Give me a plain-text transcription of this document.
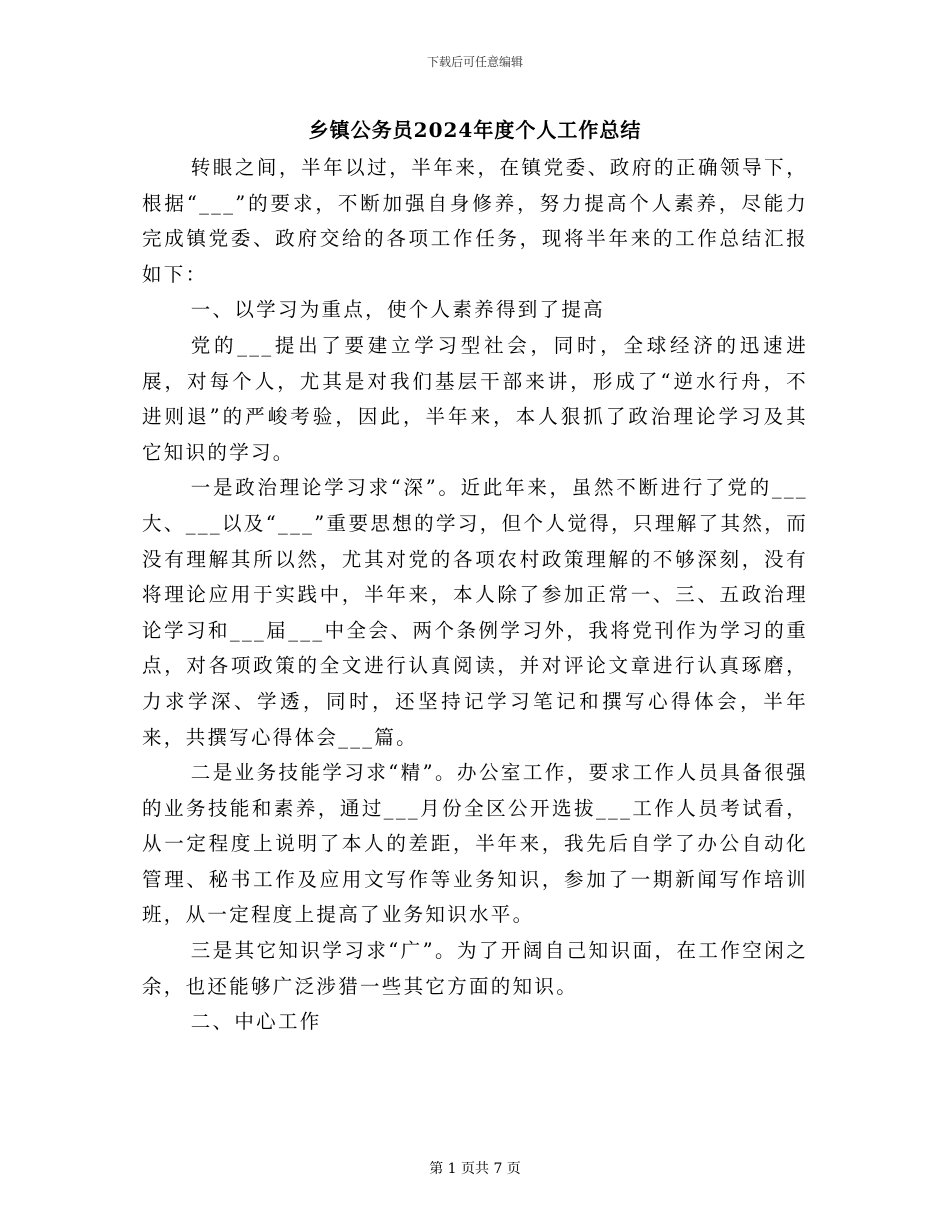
下载后可任意编辑
乡镇公务员2024年度个人工作总结

转眼之间，半年以过，半年来，在镇党委、政府的正确领导下，根据“___”的要求，不断加强自身修养，努力提高个人素养，尽能力完成镇党委、政府交给的各项工作任务，现将半年来的工作总结汇报如下：

一、以学习为重点，使个人素养得到了提高

党的___提出了要建立学习型社会，同时，全球经济的迅速进展，对每个人，尤其是对我们基层干部来讲，形成了“逆水行舟，不进则退”的严峻考验，因此，半年来，本人狠抓了政治理论学习及其它知识的学习。

一是政治理论学习求“深”。近此年来，虽然不断进行了党的___大、___以及“___”重要思想的学习，但个人觉得，只理解了其然，而没有理解其所以然，尤其对党的各项农村政策理解的不够深刻，没有将理论应用于实践中，半年来，本人除了参加正常一、三、五政治理论学习和___届___中全会、两个条例学习外，我将党刊作为学习的重点，对各项政策的全文进行认真阅读，并对评论文章进行认真琢磨，力求学深、学透，同时，还坚持记学习笔记和撰写心得体会，半年来，共撰写心得体会___篇。

二是业务技能学习求“精”。办公室工作，要求工作人员具备很强的业务技能和素养，通过___月份全区公开选拔___工作人员考试看，从一定程度上说明了本人的差距，半年来，我先后自学了办公自动化管理、秘书工作及应用文写作等业务知识，参加了一期新闻写作培训班，从一定程度上提高了业务知识水平。

三是其它知识学习求“广”。为了开阔自己知识面，在工作空闲之余，也还能够广泛涉猎一些其它方面的知识。

二、中心工作

第 1 页共 7 页
